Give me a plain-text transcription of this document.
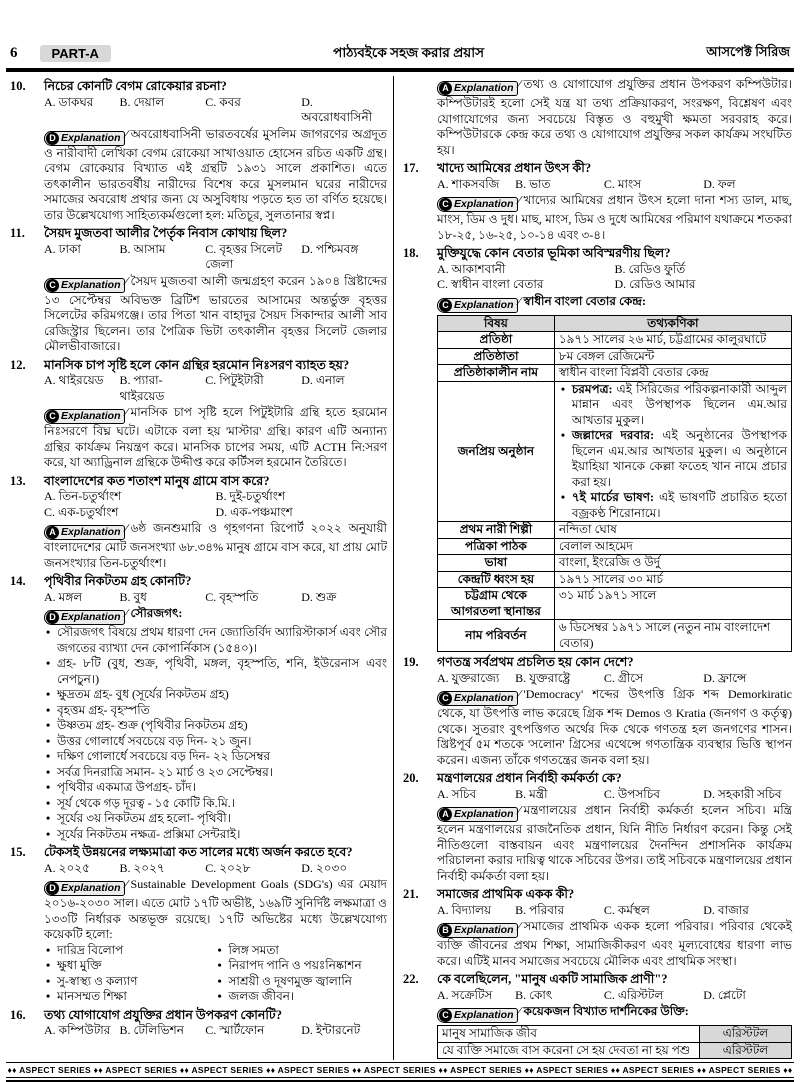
6	PART-A	পাঠ্যবইকে সহজ করার প্রয়াস	আসপেক্ট সিরিজ
10.	নিচের কোনটি বেগম রোকেয়ার রচনা?
A. ডাকঘর	B. দেয়াল	C. কবর	D. অবরোধবাসিনী
D Explanation ∕ অবরোধবাসিনী ভারতবর্ষের মুসলিম জাগরণের অগ্রদূত ও নারীবাদী লেখিকা বেগম রোকেয়া সাখাওয়াত হোসেন রচিত একটি গ্রন্থ। বেগম রোকেয়ার বিখ্যাত এই গ্রন্থটি ১৯৩১ সালে প্রকাশিত। এতে তৎকালীন ভারতবর্ষীয় নারীদের বিশেষ করে মুসলমান ঘরের নারীদের সমাজের অবরোধ প্রথার জন্য যে অসুবিধায় পড়তে হত তা বর্ণিত হয়েছে। তার উল্লেখযোগ্য সাহিত্যকর্মগুলো হল: মতিচূর, সুলতানার স্বপ্ন।
11.	সৈয়দ মুজতবা আলীর পৈর্তৃক নিবাস কোথায় ছিল?
A. ঢাকা	B. আসাম	C. বৃহত্তর সিলেট জেলা
D. পশ্চিমবঙ্গ
C Explanation ∕ সৈয়দ মুজতবা আলী জন্মগ্রহণ করেন ১৯০৪ খ্রিষ্টাব্দের ১৩ সেপ্টেম্বর অবিভক্ত ব্রিটিশ ভারতের আসামের অন্তর্ভুক্ত বৃহত্তর সিলেটের করিমগঞ্জে। তার পিতা খান বাহাদুর সৈয়দ সিকান্দার আলী সাব রেজিস্ট্রার ছিলেন। তার পৈত্রিক ভিটা তৎকালীন বৃহত্তর সিলেট জেলার মৌলভীবাজারে।
12.	মানসিক চাপ সৃষ্টি হলে কোন গ্রন্থির হরমোন নিঃসরণ ব্যাহত হয়?
A. থাইরয়েড	B. প্যারা-থাইরয়েড
C. পিটুইটারী	D. এনাল
C Explanation ∕ মানসিক চাপ সৃষ্টি হলে পিটুইটারি গ্রন্থি হতে হরমোন নিঃসরণে বিঘ্ন ঘটে। এটাকে বলা হয় 'মাস্টার' গ্রন্থি। কারণ এটি অন্যান্য গ্রন্থির কার্যক্রম নিয়ন্ত্রণ করে। মানসিক চাপের সময়, এটি ACTH নি:সরণ করে, যা অ্যাড্রিনাল গ্রন্থিকে উদ্দীপ্ত করে কর্টিসল হরমোন তৈরিতে।
13.	বাংলাদেশের কত শতাংশ মানুষ গ্রামে বাস করে?
A. তিন-চতুর্থাংশ	B. দুই-চতুর্থাংশ
C. এক-চতুর্থাংশ	D. এক-পঞ্চমাংশ
A Explanation ∕ ৬ষ্ঠ জনশুমারি ও গৃহগণনা রিপোর্ট ২০২২ অনুযায়ী বাংলাদেশের মোট জনসংখ্যা ৬৮.৩৪% মানুষ গ্রামে বাস করে, যা প্রায় মোট জনসংখ্যার তিন-চতুর্থাংশ।
14.	পৃথিবীর নিকটতম গ্রহ কোনটি?
A. মঙ্গল	B. বুধ	C. বৃহস্পতি	D. শুক্র
D Explanation ∕ সৌরজগৎ:
• সৌরজগৎ বিষয়ে প্রথম ধারণা দেন জ্যোতির্বিদ অ্যারিস্টাকার্স এবং সৌর জগতের ব্যাখ্যা দেন কোপার্নিকাস (১৫৪০)।
• গ্রহ- ৮টি (বুধ, শুক্র, পৃথিবী, মঙ্গল, বৃহস্পতি, শনি, ইউরেনাস এবং নেপচুন।)
• ক্ষুদ্রতম গ্রহ- বুধ (সূর্যের নিকটতম গ্রহ)
• বৃহত্তম গ্রহ- বৃহস্পতি
• উষ্ণতম গ্রহ- শুক্র (পৃথিবীর নিকটতম গ্রহ)
• উত্তর গোলার্ধে সবচেয়ে বড় দিন- ২১ জুন।
• দক্ষিণ গোলার্ধে সবচেয়ে বড় দিন- ২২ ডিসেম্বর
• সর্বত্র দিনরাত্রি সমান- ২১ মার্চ ও ২৩ সেপ্টেম্বর।
• পৃথিবীর একমাত্র উপগ্রহ- চাঁদ।
• সূর্য থেকে গড় দূরত্ব - ১৫ কোটি কি.মি.।
• সূর্যের ৩য় নিকটতম গ্রহ হলো- পৃথিবী।
• সূর্যের নিকটতম নক্ষত্র- প্রক্সিমা সেন্টরাই।
15.	টেকসই উন্নয়নের লক্ষ্যমাত্রা কত সালের মধ্যে অর্জন করতে হবে?
A. ২০২৫	B. ২০২৭	C. ২০২৮	D. ২০৩০
D Explanation ∕ Sustainable Development Goals (SDG's) এর মেয়াদ ২০১৬-২০৩০ সাল। এতে মোট ১৭টি অভীষ্ট, ১৬৯টি সুনির্দিষ্ট লক্ষমাত্রা ও ১৩৩টি নির্ধারক অন্তভূক্ত রয়েছে। ১৭টি অভিষ্টের মধ্যে উল্লেখযোগ্য কয়েকটি হলো:
• দারিদ্র বিলোপ	• লিঙ্গ সমতা
• ক্ষুধা মুক্তি	• নিরাপদ পানি ও পয়ঃনিষ্কাশন
• সু-স্বাস্থ্য ও কল্যাণ	• সাশ্রয়ী ও দূষণমুক্ত জ্বালানি
• মানসম্মত শিক্ষা	• জলজ জীবন।
16.	তথ্য যোগাযোগ প্রযুক্তির প্রধান উপকরণ কোনটি?
A. কম্পিউটার B. টেলিভিশন	C. স্মার্টফোন	D. ইন্টারনেট
A Explanation ∕ তথ্য ও যোগাযোগ প্রযুক্তির প্রধান উপকরণ কম্পিউটার। কম্পিউটারই হলো সেই যন্ত্র যা তথ্য প্রক্রিয়াকরণ, সংরক্ষণ, বিশ্লেষণ এবং যোগাযোগের জন্য সবচেয়ে বিস্তৃত ও বহুমুখী ক্ষমতা সরবরাহ করে। কম্পিউটারকে কেন্দ্র করে তথ্য ও যোগাযোগ প্রযুক্তির সকল কার্যক্রম সংঘটিত হয়।
17.	খাদ্যে আমিষের প্রধান উৎস কী?
A. শাকসবজি	B. ভাত	C. মাংস	D. ফল
C Explanation ∕ খাদ্যের আমিষের প্রধান উৎস হলো দানা শস্য ডাল, মাছ, মাংস, ডিম ও দুধ। মাছ, মাংস, ডিম ও দুধে আমিষের পরিমাণ যথাক্রমে শতকরা ১৮-২৫, ১৬-২৫, ১০-১৪ এবং ৩-৪।
18.	মুক্তিযুদ্ধে কোন বেতার ভূমিকা অবিস্মরণীয় ছিল?
A. আকাশবানী	B. রেডিও ফুর্তি
C. স্বাধীন বাংলা বেতার	D. রেডিও আমার
C Explanation ∕ স্বাধীন বাংলা বেতার কেন্দ্র:
বিষয়	তথ্যকণিকা
প্রতিষ্ঠা	১৯৭১ সালের ২৬ মার্চ, চট্টগ্রামের কালুরঘাটে
প্রতিষ্ঠাতা	৮ম বেঙ্গল রেজিমেন্ট
প্রতিষ্ঠাকালীন নাম	স্বাধীন বাংলা বিপ্লবী বেতার কেন্দ্র
জনপ্রিয় অনুষ্ঠান	• চরমপত্র: এই সিরিজের পরিকল্পনাকারী আব্দুল মান্নান এবং উপস্থাপক ছিলেন এম.আর আখতার মুকুল।
• জল্লাদের দরবার: এই অনুষ্ঠানের উপস্থাপক ছিলেন এম.আর আখতার মুকুল। এ অনুষ্ঠানে ইয়াহিয়া খানকে কেল্লা ফতেহ খান নামে প্রচার করা হয়।
• ৭ই মার্চের ভাষণ: এই ভাষণটি প্রচারিত হতো বজ্রকণ্ঠ শিরোনামে।

প্রথম নারী শিল্পী	নন্দিতা ঘোষ
পত্রিকা পাঠক	বেলাল আহমেদ
ভাষা	বাংলা, ইংরেজি ও উর্দু
কেন্দ্রটি ধ্বংস হয়	১৯৭১ সালের ৩০ মার্চ
চট্টগ্রাম থেকে আগরতলা স্থানান্তর	৩১ মার্চ ১৯৭১ সালে
নাম পরিবর্তন	৬ ডিসেম্বর ১৯৭১ সালে (নতুন নাম বাংলাদেশ বেতার)
19.	গণতন্ত্র সর্বপ্রথম প্রচলিত হয় কোন দেশে?
A. যুক্তরাজ্যে	B. যুক্তরাষ্ট্রে	C. গ্রীসে	D. ফ্রান্সে
C Explanation ∕ 'Democracy' শব্দের উৎপত্তি গ্রিক শব্দ Demorkiratic থেকে, যা উৎপত্তি লাভ করেছে গ্রিক শব্দ Demos ও Kratia (জনগণ ও কর্তৃত্ব) থেকে। সুতরাং বুৎপত্তিগত অর্থের দিক থেকে গণতন্ত্র হল জনগণের শাসন। খ্রিষ্টপূর্ব ৫ম শতকে 'সলোন' গ্রিসের এথেন্সে গণতান্ত্রিক ব্যবস্থার ভিত্তি স্থাপন করেন। এজন্য তাঁকে গণতন্ত্রের জনক বলা হয়।
20.	মন্ত্রণালয়ের প্রধান নির্বাহী কর্মকর্তা কে?
A. সচিব	B. মন্ত্রী	C. উপসচিব	D. সহকারী সচিব
A Explanation ∕ মন্ত্রণালয়ের প্রধান নির্বাহী কর্মকর্তা হলেন সচিব। মন্ত্রি হলেন মন্ত্রণালয়ের রাজনৈতিক প্রধান, যিনি নীতি নির্ধারণ করেন। কিন্তু সেই নীতিগুলো বাস্তবায়ন এবং মন্ত্রণালয়ের দৈনন্দিন প্রশাসনিক কার্যক্রম পরিচালনা করার দায়িত্ব থাকে সচিবের উপর। তাই সচিবকে মন্ত্রণালয়ের প্রধান নির্বাহী কর্মকর্তা বলা হয়।
21.	সমাজের প্রাথমিক একক কী?
A. বিদ্যালয়	B. পরিবার	C. কর্মস্থল	D. বাজার
B Explanation ∕ সমাজের প্রাথমিক একক হলো পরিবার। পরিবার থেকেই ব্যক্তি জীবনের প্রথম শিক্ষা, সামাজিকীকরণ এবং মূল্যবোধের ধারণা লাভ করে। এটিই মানব সমাজের সবচেয়ে মৌলিক এবং প্রাথমিক সংস্থা।
22.	কে বলেছিলেন, "মানুষ একটি সামাজিক প্রাণী"?
A. সক্রেটিস	B. কোৎ	C. এরিস্টটল	D. প্লেটো
C Explanation ∕ কয়েকজন বিখ্যাত দার্শনিকের উক্তি:
মানুষ সামাজিক জীব	এরিস্টটল
যে ব্যক্তি সমাজে বাস করেনা সে হয় দেবতা না হয় পশু	এরিস্টটল
♦♦ ASPECT SERIES ♦♦ ASPECT SERIES ♦♦ ASPECT SERIES ♦♦ ASPECT SERIES ♦♦ ASPECT SERIES ♦♦ ASPECT SERIES ♦♦ ASPECT SERIES ♦♦ ASPECT SERIES ♦♦ ASPECT SERIES ♦♦
